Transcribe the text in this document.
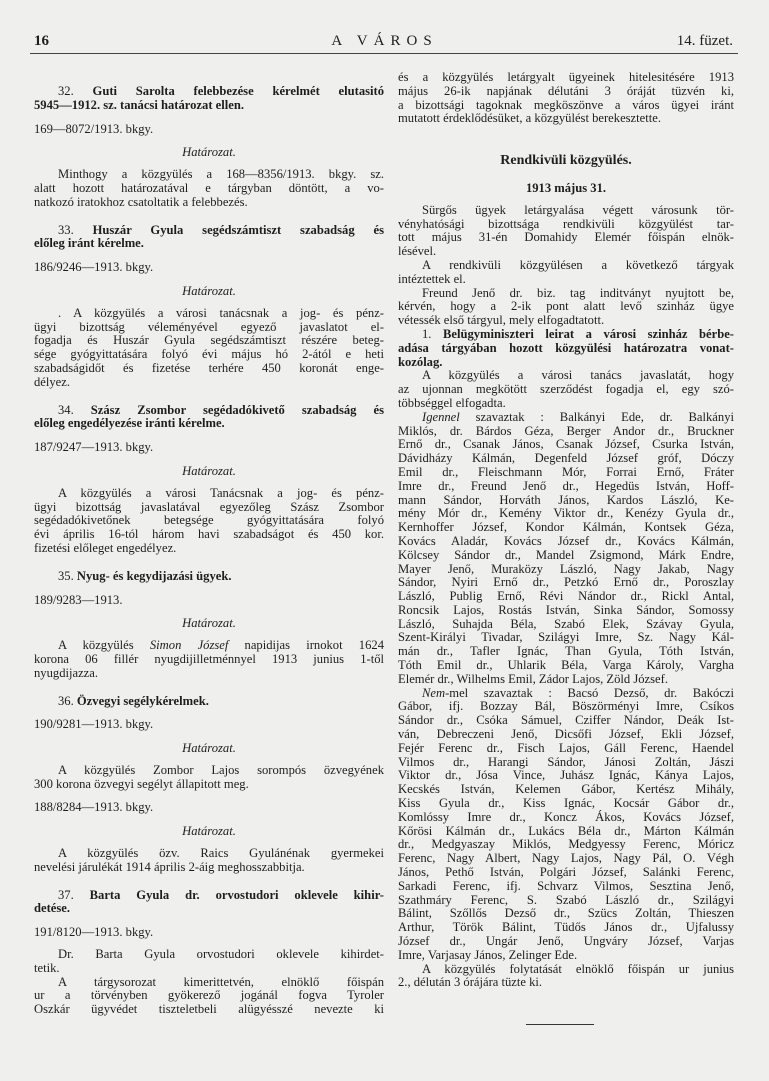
16	A VÁROS	14. füzet.
32. Guti Sarolta felebbezése kérelmét elutasitó
5945—1912. sz. tanácsi határozat ellen.
169—8072/1913. bkgy.
Határozat.
Minthogy a közgyülés a 168—8356/1913. bkgy. sz.
alatt hozott határozatával e tárgyban döntött, a vo-
natkozó iratokhoz csatoltatik a felebbezés.
33. Huszár Gyula segédszámtiszt szabadság és
előleg iránt kérelme.
186/9246—1913. bkgy.
Határozat.
. A közgyülés a városi tanácsnak a jog- és pénz-
ügyi bizottság véleményével egyező javaslatot el-
fogadja és Huszár Gyula segédszámtiszt részére beteg-
sége gyógyittatására folyó évi május hó 2-ától e heti
szabadságidőt és fizetése terhére 450 koronát enge-
délyez.
34. Szász Zsombor segédadókivető szabadság és
előleg engedélyezése iránti kérelme.
187/9247—1913. bkgy.
Határozat.
A közgyülés a városi Tanácsnak a jog- és pénz-
ügyi bizottság javaslatával egyezőleg Szász Zsombor
segédadókivetőnek betegsége gyógyittatására folyó
évi április 16-tól három havi szabadságot és 450 kor.
fizetési előleget engedélyez.
35. Nyug- és kegydijazási ügyek.
189/9283—1913.
Határozat.
A közgyülés Simon József napidijas irnokot 1624
korona 06 fillér nyugdijilletménnyel 1913 junius 1-től
nyugdijazza.
36. Özvegyi segélykérelmek.
190/9281—1913. bkgy.
Határozat.
A közgyülés Zombor Lajos sorompós özvegyének
300 korona özvegyi segélyt állapitott meg.
188/8284—1913. bkgy.
Határozat.
A közgyülés özv. Raics Gyulánénak gyermekei
nevelési járulékát 1914 április 2-áig meghosszabbitja.
37. Barta Gyula dr. orvostudori oklevele kihir-
detése.
191/8120—1913. bkgy.
Dr. Barta Gyula orvostudori oklevele kihirdet-
tetik.
A tárgysorozat kimerittetvén, elnöklő főispán
ur a törvényben gyökerező jogánál fogva Tyroler
Oszkár ügyvédet tiszteletbeli alügyésszé nevezte ki
és a közgyülés letárgyalt ügyeinek hitelesitésére 1913
május 26-ik napjának délutáni 3 óráját tüzvén ki,
a bizottsági tagoknak megköszönve a város ügyei iránt
mutatott érdeklődésüket, a közgyülést berekesztette.
Rendkivüli közgyülés.
1913 május 31.
Sürgős ügyek letárgyalása végett városunk tör-
vényhatósági bizottsága rendkivüli közgyülést tar-
tott május 31-én Domahidy Elemér főispán elnök-
lésével.
A rendkivüli közgyülésen a következő tárgyak
intéztettek el.
Freund Jenő dr. biz. tag inditványt nyujtott be,
kérvén, hogy a 2-ik pont alatt levő szinház ügye
vétessék első tárgyul, mely elfogadtatott.
1. Belügyminiszteri leirat a városi szinház bérbe-
adása tárgyában hozott közgyülési határozatra vonat-
kozólag.
A közgyülés a városi tanács javaslatát, hogy
az ujonnan megkötött szerződést fogadja el, egy szó-
többséggel elfogadta.
Igennel szavaztak : Balkányi Ede, dr. Balkányi
Miklós, dr. Bárdos Géza, Berger Andor dr., Bruckner
Ernő dr., Csanak János, Csanak József, Csurka István,
Dávidházy Kálmán, Degenfeld József gróf, Dóczy
Emil dr., Fleischmann Mór, Forrai Ernő, Fráter
Imre dr., Freund Jenő dr., Hegedüs István, Hoff-
mann Sándor, Horváth János, Kardos László, Ke-
mény Mór dr., Kemény Viktor dr., Kenézy Gyula dr.,
Kernhoffer József, Kondor Kálmán, Kontsek Géza,
Kovács Aladár, Kovács József dr., Kovács Kálmán,
Kölcsey Sándor dr., Mandel Zsigmond, Márk Endre,
Mayer Jenő, Muraközy László, Nagy Jakab, Nagy
Sándor, Nyiri Ernő dr., Petzkó Ernő dr., Poroszlay
László, Publig Ernő, Révi Nándor dr., Rickl Antal,
Roncsik Lajos, Rostás István, Sinka Sándor, Somossy
László, Suhajda Béla, Szabó Elek, Szávay Gyula,
Szent-Királyi Tivadar, Szilágyi Imre, Sz. Nagy Kál-
mán dr., Tafler Ignác, Than Gyula, Tóth István,
Tóth Emil dr., Uhlarik Béla, Varga Károly, Vargha
Elemér dr., Wilhelms Emil, Zádor Lajos, Zöld József.
Nem-mel szavaztak : Bacsó Dezső, dr. Bakóczi
Gábor, ifj. Bozzay Bál, Böszörményi Imre, Csíkos
Sándor dr., Csóka Sámuel, Cziffer Nándor, Deák Ist-
ván, Debreczeni Jenő, Dicsőfi József, Ekli József,
Fejér Ferenc dr., Fisch Lajos, Gáll Ferenc, Haendel
Vilmos dr., Harangi Sándor, Jánosi Zoltán, Jászi
Viktor dr., Jósa Vince, Juhász Ignác, Kánya Lajos,
Kecskés István, Kelemen Gábor, Kertész Mihály,
Kiss Gyula dr., Kiss Ignác, Kocsár Gábor dr.,
Komlóssy Imre dr., Koncz Ákos, Kovács József,
Kőrösi Kálmán dr., Lukács Béla dr., Márton Kálmán
dr., Medgyaszay Miklós, Medgyessy Ferenc, Móricz
Ferenc, Nagy Albert, Nagy Lajos, Nagy Pál, O. Végh
János, Pethő István, Polgári József, Salánki Ferenc,
Sarkadi Ferenc, ifj. Schvarz Vilmos, Sesztina Jenő,
Szathmáry Ferenc, S. Szabó László dr., Szilágyi
Bálint, Szőllős Dezső dr., Szücs Zoltán, Thieszen
Arthur, Török Bálint, Tüdős János dr., Ujfalussy
József dr., Ungár Jenő, Ungváry József, Varjas
Imre, Varjasay János, Zelinger Ede.
A közgyülés folytatását elnöklő főispán ur junius
2., délután 3 órájára tüzte ki.
